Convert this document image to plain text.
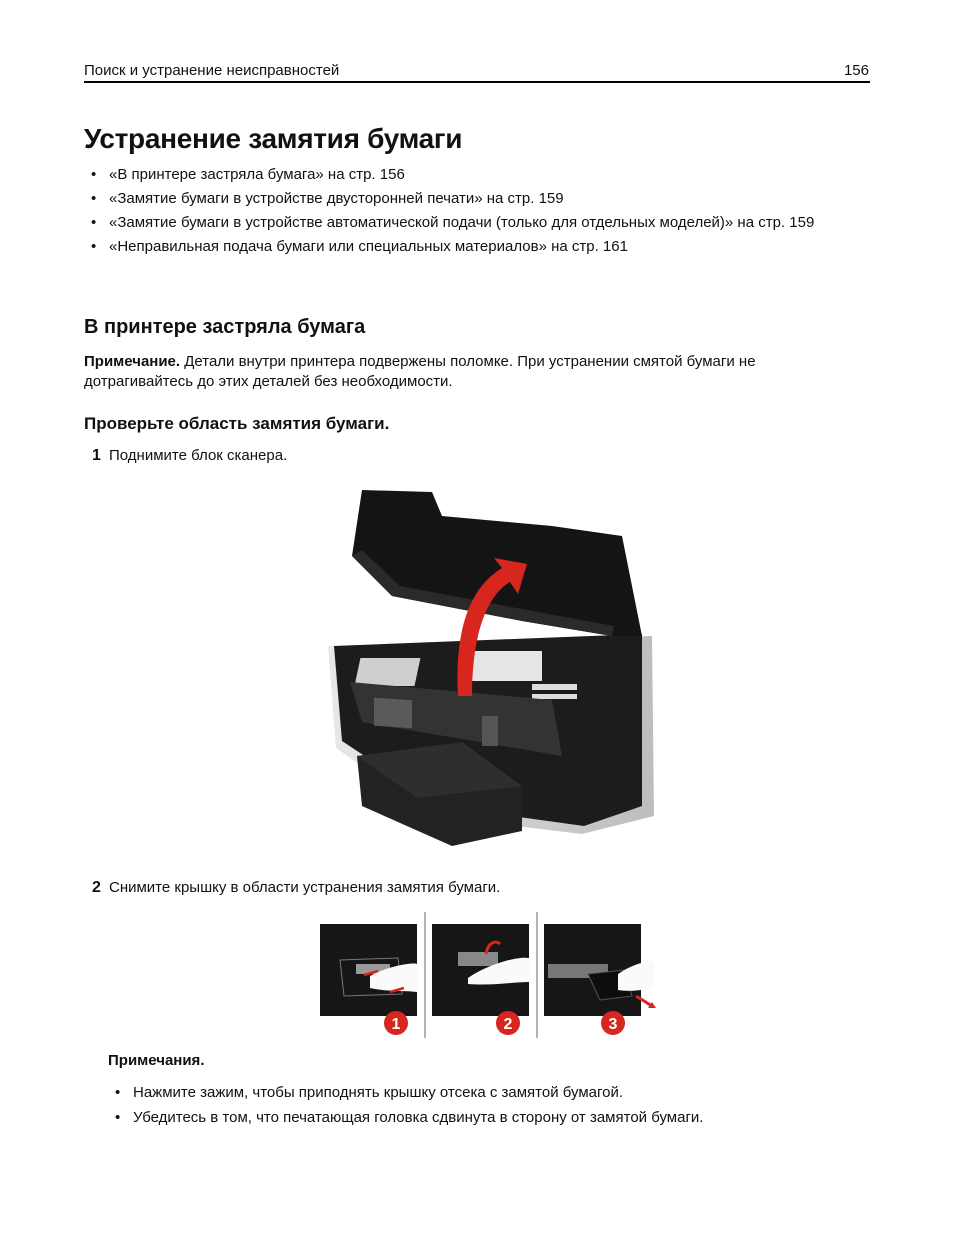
Поиск и устранение неисправностей	156
Устранение замятия бумаги
• «В принтере застряла бумага» на стр. 156
• «Замятие бумаги в устройстве двусторонней печати» на стр. 159
• «Замятие бумаги в устройстве автоматической подачи (только для отдельных моделей)» на стр. 159
• «Неправильная подача бумаги или специальных материалов» на стр. 161
В принтере застряла бумага
Примечание. Детали внутри принтера подвержены поломке. При устранении смятой бумаги не дотрагивайтесь до этих деталей без необходимости.
Проверьте область замятия бумаги.
1 Поднимите блок сканера.
2 Снимите крышку в области устранения замятия бумаги.
1	2	3
Примечания.
• Нажмите зажим, чтобы приподнять крышку отсека с замятой бумагой.
• Убедитесь в том, что печатающая головка сдвинута в сторону от замятой бумаги.
